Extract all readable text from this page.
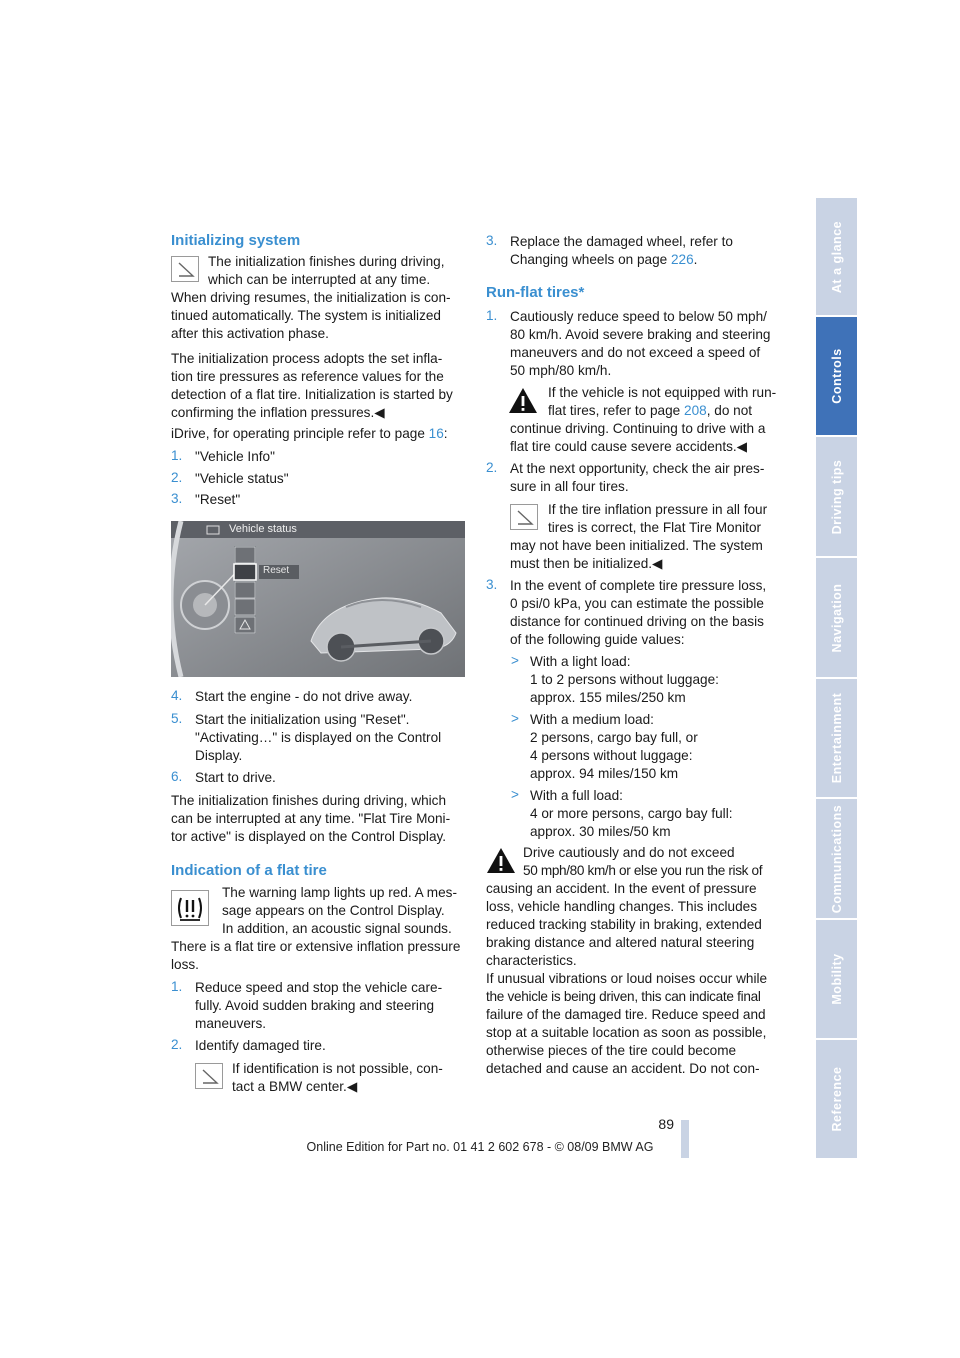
At a glance
Controls
Driving tips
Navigation
Entertainment
Communications
Mobility
Reference
Initializing system
The initialization finishes during driving,
which can be interrupted at any time.
When driving resumes, the initialization is con-
tinued automatically. The system is initialized
after this activation phase.
The initialization process adopts the set infla-
tion tire pressures as reference values for the
detection of a flat tire. Initialization is started by
confirming the inflation pressures.◀
iDrive, for operating principle refer to page 16:
1. "Vehicle Info"
2. "Vehicle status"
3. "Reset"
Vehicle status
Reset
4. Start the engine - do not drive away.
5. Start the initialization using "Reset".
"Activating…" is displayed on the Control
Display.
6. Start to drive.
The initialization finishes during driving, which
can be interrupted at any time. "Flat Tire Moni-
tor active" is displayed on the Control Display.
Indication of a flat tire
The warning lamp lights up red. A mes-
sage appears on the Control Display.
In addition, an acoustic signal sounds.
There is a flat tire or extensive inflation pressure
loss.
1. Reduce speed and stop the vehicle care-
fully. Avoid sudden braking and steering
maneuvers.
2. Identify damaged tire.
If identification is not possible, con-
tact a BMW center.◀
3. Replace the damaged wheel, refer to
Changing wheels on page 226.
Run-flat tires*
1. Cautiously reduce speed to below 50 mph/
80 km/h. Avoid severe braking and steering
maneuvers and do not exceed a speed of
50 mph/80 km/h.
If the vehicle is not equipped with run-
flat tires, refer to page 208, do not
continue driving. Continuing to drive with a
flat tire could cause severe accidents.◀
2. At the next opportunity, check the air pres-
sure in all four tires.
If the tire inflation pressure in all four
tires is correct, the Flat Tire Monitor
may not have been initialized. The system
must then be initialized.◀
3. In the event of complete tire pressure loss,
0 psi/0 kPa, you can estimate the possible
distance for continued driving on the basis
of the following guide values:
> With a light load:
1 to 2 persons without luggage:
approx. 155 miles/250 km
> With a medium load:
2 persons, cargo bay full, or
4 persons without luggage:
approx. 94 miles/150 km
> With a full load:
4 or more persons, cargo bay full:
approx. 30 miles/50 km
Drive cautiously and do not exceed
50 mph/80 km/h or else you run the risk of
causing an accident. In the event of pressure
loss, vehicle handling changes. This includes
reduced tracking stability in braking, extended
braking distance and altered natural steering
characteristics.
If unusual vibrations or loud noises occur while
the vehicle is being driven, this can indicate final
failure of the damaged tire. Reduce speed and
stop at a suitable location as soon as possible,
otherwise pieces of the tire could become
detached and cause an accident. Do not con-
89
Online Edition for Part no. 01 41 2 602 678 - © 08/09 BMW AG
